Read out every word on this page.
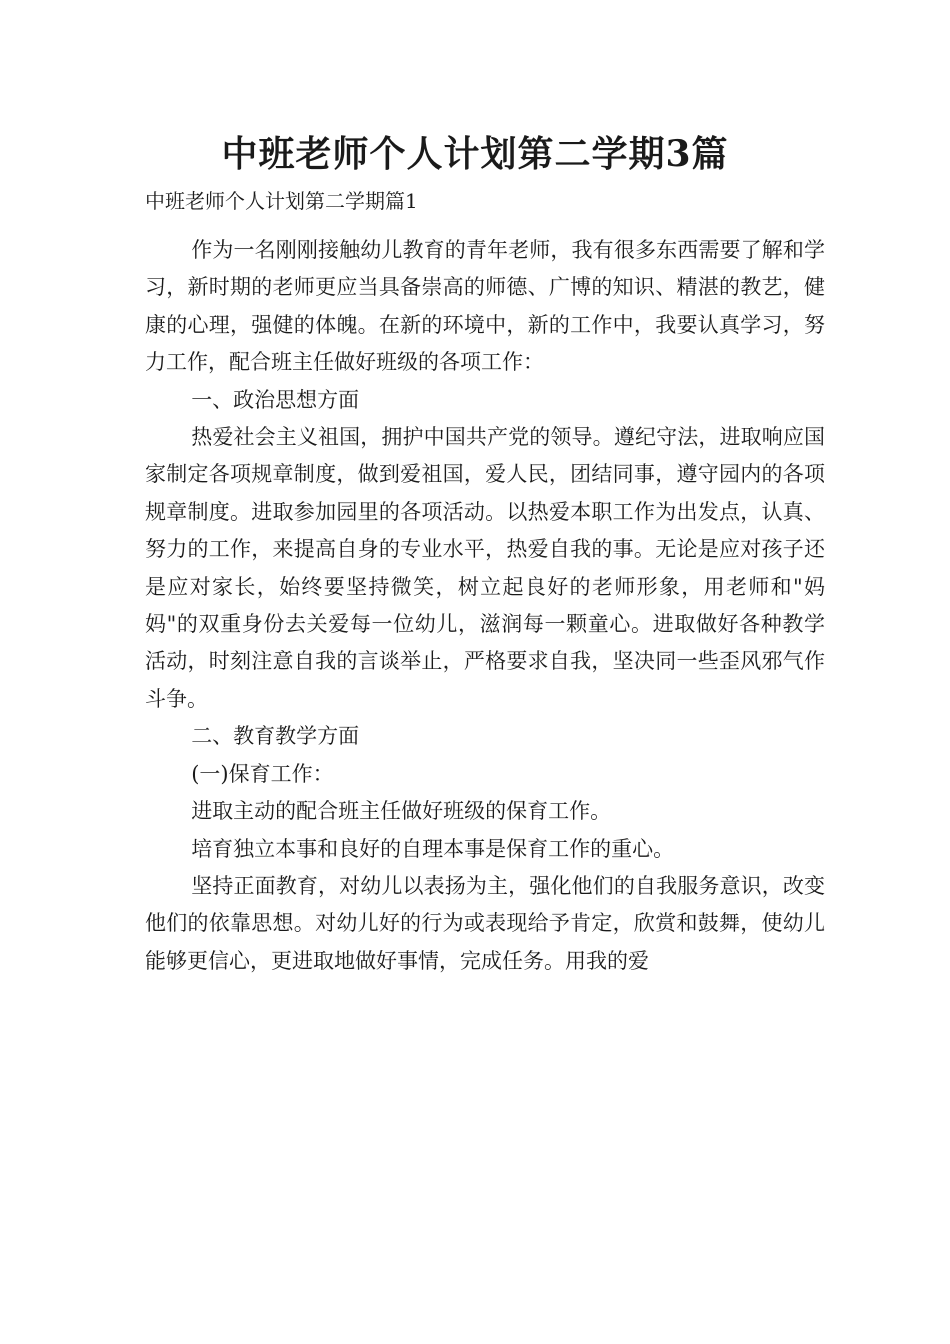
中班老师个人计划第二学期3篇

中班老师个人计划第二学期篇1

作为一名刚刚接触幼儿教育的青年老师，我有很多东西需要了解和学习，新时期的老师更应当具备崇高的师德、广博的知识、精湛的教艺，健康的心理，强健的体魄。在新的环境中，新的工作中，我要认真学习，努力工作，配合班主任做好班级的各项工作：

一、政治思想方面

热爱社会主义祖国，拥护中国共产党的领导。遵纪守法，进取响应国家制定各项规章制度，做到爱祖国，爱人民，团结同事，遵守园内的各项规章制度。进取参加园里的各项活动。以热爱本职工作为出发点，认真、努力的工作，来提高自身的专业水平，热爱自我的事。无论是应对孩子还是应对家长，始终要坚持微笑，树立起良好的老师形象，用老师和"妈妈"的双重身份去关爱每一位幼儿，滋润每一颗童心。进取做好各种教学活动，时刻注意自我的言谈举止，严格要求自我，坚决同一些歪风邪气作斗争。

二、教育教学方面

(一)保育工作：

进取主动的配合班主任做好班级的保育工作。

培育独立本事和良好的自理本事是保育工作的重心。

坚持正面教育，对幼儿以表扬为主，强化他们的自我服务意识，改变他们的依靠思想。对幼儿好的行为或表现给予肯定，欣赏和鼓舞，使幼儿能够更信心，更进取地做好事情，完成任务。用我的爱
